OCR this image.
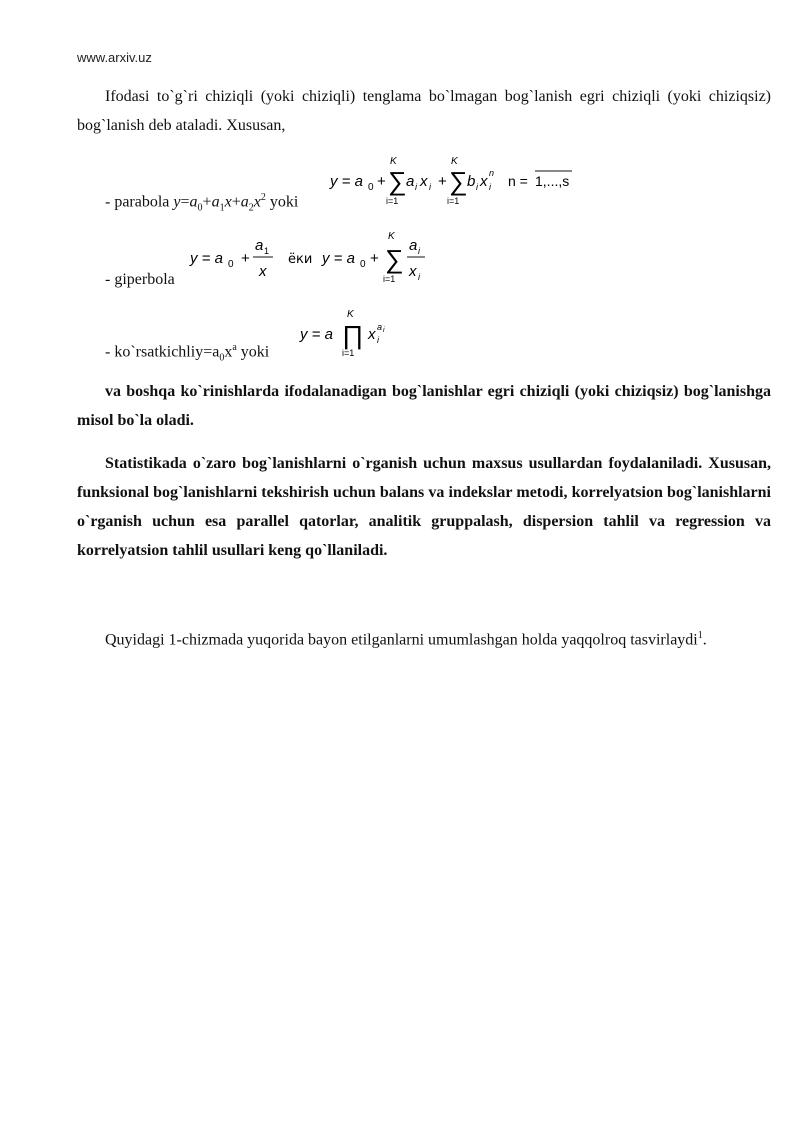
www.arxiv.uz

Ifodasi to`g`ri chiziqli (yoki chiziqli) tenglama bo`lmagan bog`lanish egri chiziqli (yoki chiziqsiz) bog`lanish deb ataladi. Xususan,

y = a 0 +
K
∑
i=1
a i x i +
K
∑
i=1
b i x i
n n = 1,...,s
- parabola $y=a_0+a_1x+a_2x^2$ yoki
y = a 0 +
a 1
x
ёки y = a 0 +
K
∑
i=1
a i
x i
- giperbola
y = a
K
∏
i=1
x i
a i
- $ko`rsatkichliy=a_0x^a$ yoki

va boshqa ko`rinishlarda ifodalanadigan bog`lanishlar egri chiziqli (yoki chiziqsiz) bog`lanishga misol bo`la oladi.

Statistikada o`zaro bog`lanishlarni o`rganish uchun maxsus usullardan foydalaniladi. Xususan, funksional bog`lanishlarni tekshirish uchun balans va indekslar metodi, korrelyatsion bog`lanishlarni o`rganish uchun esa parallel qatorlar, analitik gruppalash, dispersion tahlil va regression va korrelyatsion tahlil usullari keng qo`llaniladi.

Quyidagi 1-chizmada yuqorida bayon etilganlarni umumlashgan holda yaqqolroq tasvirlaydi$^1$.
